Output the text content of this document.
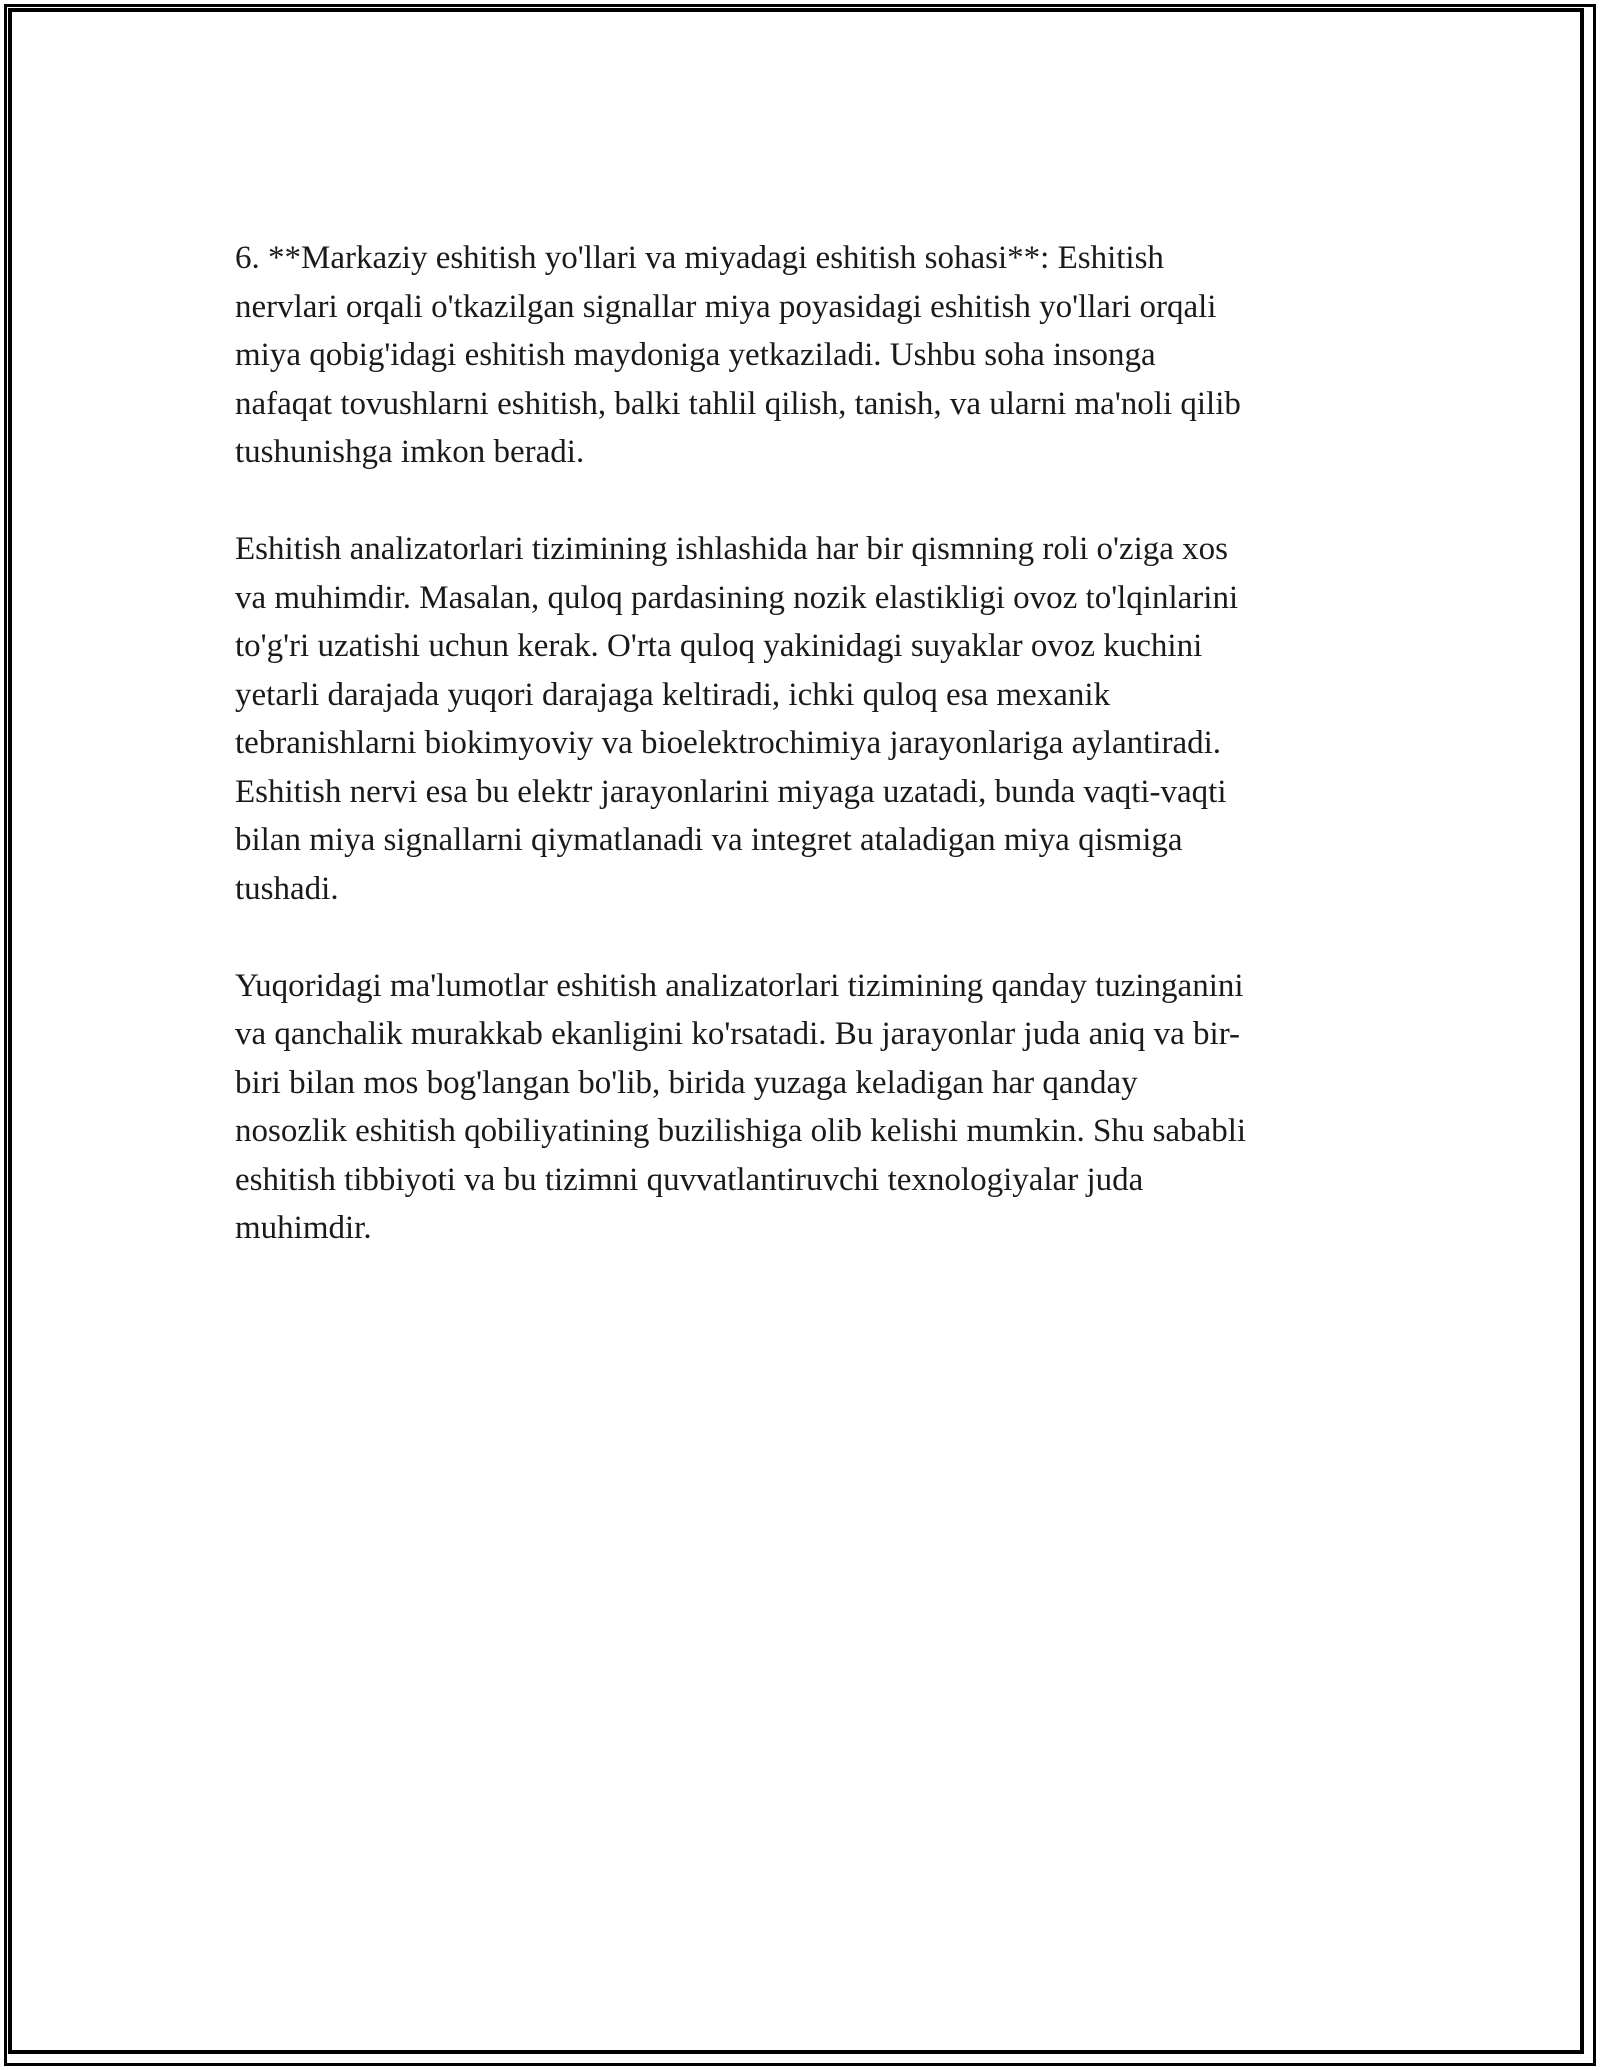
6. **Markaziy eshitish yo'llari va miyadagi eshitish sohasi**: Eshitish
nervlari orqali o'tkazilgan signallar miya poyasidagi eshitish yo'llari orqali
miya qobig'idagi eshitish maydoniga yetkaziladi. Ushbu soha insonga
nafaqat tovushlarni eshitish, balki tahlil qilish, tanish, va ularni ma'noli qilib
tushunishga imkon beradi.

Eshitish analizatorlari tizimining ishlashida har bir qismning roli o'ziga xos
va muhimdir. Masalan, quloq pardasining nozik elastikligi ovoz to'lqinlarini
to'g'ri uzatishi uchun kerak. O'rta quloq yakinidagi suyaklar ovoz kuchini
yetarli darajada yuqori darajaga keltiradi, ichki quloq esa mexanik
tebranishlarni biokimyoviy va bioelektrochimiya jarayonlariga aylantiradi.
Eshitish nervi esa bu elektr jarayonlarini miyaga uzatadi, bunda vaqti-vaqti
bilan miya signallarni qiymatlanadi va integret ataladigan miya qismiga
tushadi.

Yuqoridagi ma'lumotlar eshitish analizatorlari tizimining qanday tuzinganini
va qanchalik murakkab ekanligini ko'rsatadi. Bu jarayonlar juda aniq va bir-
biri bilan mos bog'langan bo'lib, birida yuzaga keladigan har qanday
nosozlik eshitish qobiliyatining buzilishiga olib kelishi mumkin. Shu sababli
eshitish tibbiyoti va bu tizimni quvvatlantiruvchi texnologiyalar juda
muhimdir.
